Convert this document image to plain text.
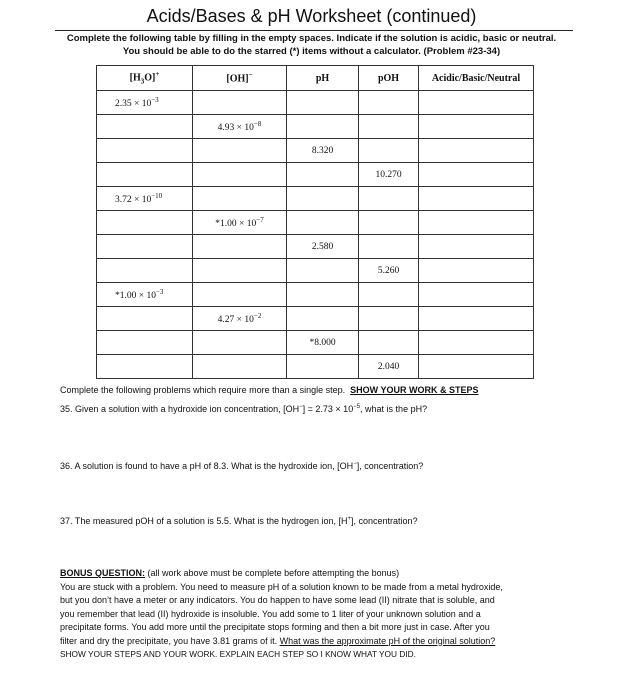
Acids/Bases & pH Worksheet (continued)
Complete the following table by filling in the empty spaces. Indicate if the solution is acidic, basic or neutral.
You should be able to do the starred (*) items without a calculator. (Problem #23-34)
$[H_3O]^+$	[OH]−	pH	pOH	Acidic/Basic/Neutral
$2.35 \times 10^{-3}$				
	$4.93 \times 10^{-8}$			
		8.320		
			10.270	
$3.72 \times 10^{-10}$				
	$*1.00 \times 10^{-7}$			
		2.580		
			5.260	
$*1.00 \times 10^{-3}$				
	$4.27 \times 10^{-2}$			
		*8.000		
			2.040	
Complete the following problems which require more than a single step. SHOW YOUR WORK & STEPS
35. Given a solution with a hydroxide ion concentration, $[OH^-] = 2.73 \times 10^{-5}$, what is the pH?
36. A solution is found to have a pH of 8.3. What is the hydroxide ion, [OH−], concentration?
37. The measured pOH of a solution is 5.5. What is the hydrogen ion, [H+], concentration?

BONUS QUESTION: (all work above must be complete before attempting the bonus)

You are stuck with a problem. You need to measure pH of a solution known to be made from a metal hydroxide,

but you don’t have a meter or any indicators. You do happen to have some lead (II) nitrate that is soluble, and

you remember that lead (II) hydroxide is insoluble. You add some to 1 liter of your unknown solution and a

precipitate forms. You add more until the precipitate stops forming and then a bit more just in case. After you

filter and dry the precipitate, you have 3.81 grams of it. What was the approximate pH of the original solution?

SHOW YOUR STEPS AND YOUR WORK. EXPLAIN EACH STEP SO I KNOW WHAT YOU DID.
